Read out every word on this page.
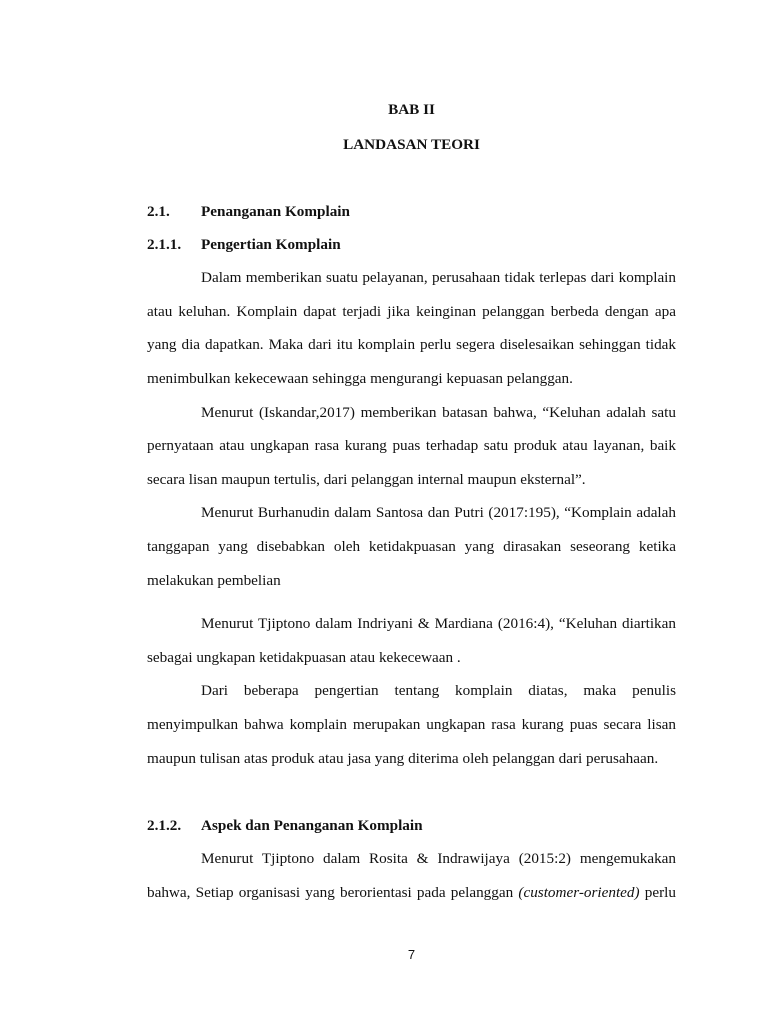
BAB II
LANDASAN TEORI
2.1. Penanganan Komplain
2.1.1. Pengertian Komplain
Dalam memberikan suatu pelayanan, perusahaan tidak terlepas dari komplain
atau keluhan. Komplain dapat terjadi jika keinginan pelanggan berbeda dengan apa
yang dia dapatkan. Maka dari itu komplain perlu segera diselesaikan sehinggan tidak
menimbulkan kekecewaan sehingga mengurangi kepuasan pelanggan.
Menurut (Iskandar,2017) memberikan batasan bahwa, “Keluhan adalah satu
pernyataan atau ungkapan rasa kurang puas terhadap satu produk atau layanan, baik
secara lisan maupun tertulis, dari pelanggan internal maupun eksternal”.
Menurut Burhanudin dalam Santosa dan Putri (2017:195), “Komplain adalah
tanggapan yang disebabkan oleh ketidakpuasan yang dirasakan seseorang ketika
melakukan pembelian
Menurut Tjiptono dalam Indriyani & Mardiana (2016:4), “Keluhan diartikan
sebagai ungkapan ketidakpuasan atau kekecewaan .
Dari beberapa pengertian tentang komplain diatas, maka penulis
menyimpulkan bahwa komplain merupakan ungkapan rasa kurang puas secara lisan
maupun tulisan atas produk atau jasa yang diterima oleh pelanggan dari perusahaan.
2.1.2. Aspek dan Penanganan Komplain
Menurut Tjiptono dalam Rosita & Indrawijaya (2015:2) mengemukakan
bahwa, Setiap organisasi yang berorientasi pada pelanggan (customer-oriented) perlu
7
